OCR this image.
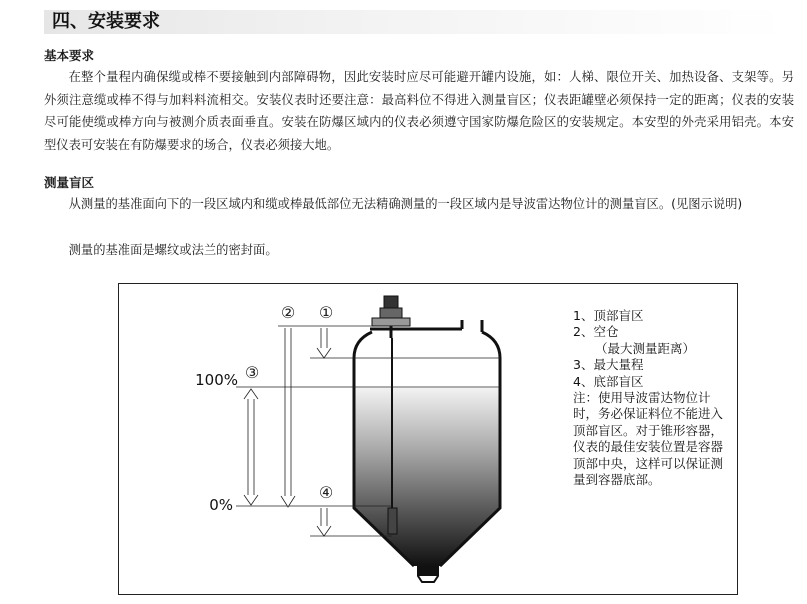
四、安装要求
基本要求

在整个量程内确保缆或棒不要接触到内部障碍物，因此安装时应尽可能避开罐内设施，如：人梯、限位开关、加热设备、支架等。另外须注意缆或棒不得与加料料流相交。安装仪表时还要注意：最高料位不得进入测量盲区；仪表距罐壁必须保持一定的距离；仪表的安装尽可能使缆或棒方向与被测介质表面垂直。安装在防爆区域内的仪表必须遵守国家防爆危险区的安装规定。本安型的外壳采用铝壳。本安型仪表可安装在有防爆要求的场合，仪表必须接大地。

测量盲区

从测量的基准面向下的一段区域内和缆或棒最低部位无法精确测量的一段区域内是导波雷达物位计的测量盲区。(见图示说明)

测量的基准面是螺纹或法兰的密封面。

② ①
③
④
100%
0%
1、顶部盲区
2、空仓
（最大测量距离）
3、最大量程
4、底部盲区
注：使用导波雷达物位计时，务必保证料位不能进入顶部盲区。对于锥形容器，仪表的最佳安装位置是容器顶部中央，这样可以保证测量到容器底部。
